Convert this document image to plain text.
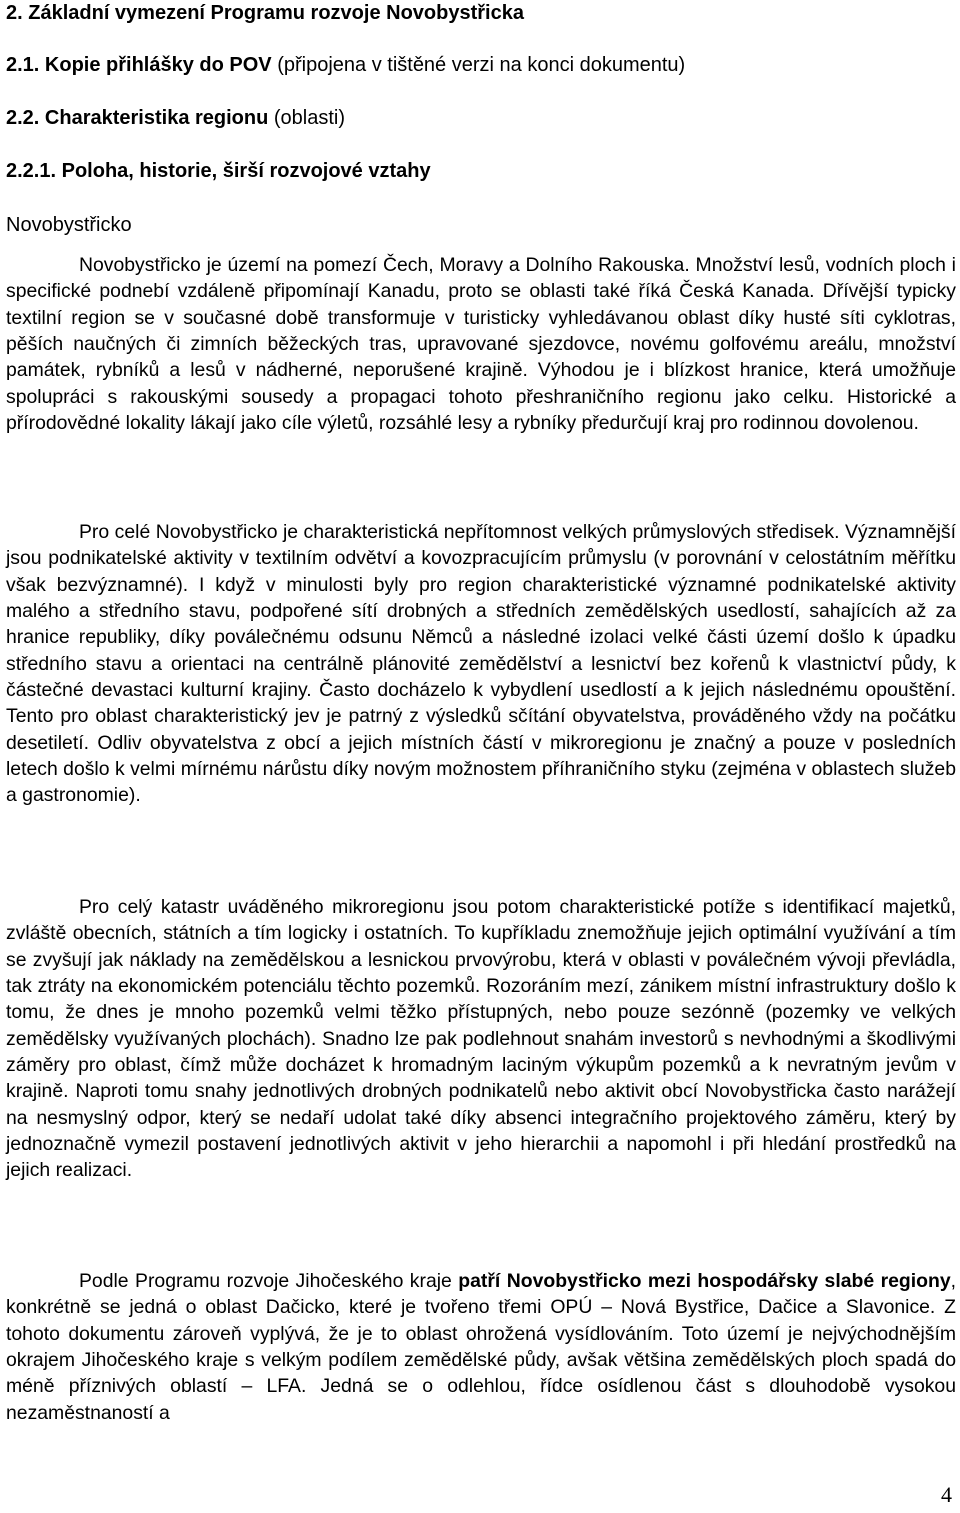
2. Základní vymezení Programu rozvoje Novobystřicka
2.1. Kopie přihlášky do POV (připojena v tištěné verzi na konci dokumentu)
2.2. Charakteristika regionu (oblasti)
2.2.1. Poloha, historie, širší rozvojové vztahy
Novobystřicko
Novobystřicko je území na pomezí Čech, Moravy a Dolního Rakouska. Množství lesů, vodních ploch i specifické podnebí vzdáleně připomínají Kanadu, proto se oblasti také říká Česká Kanada. Dřívější typicky textilní region se v současné době transformuje v turisticky vyhledávanou oblast díky husté síti cyklotras, pěších naučných či zimních běžeckých tras, upravované sjezdovce, novému golfovému areálu, množství památek, rybníků a lesů v nádherné, neporušené krajině. Výhodou je i blízkost hranice, která umožňuje spolupráci s rakouskými sousedy a propagaci tohoto přeshraničního regionu jako celku. Historické a přírodovědné lokality lákají jako cíle výletů, rozsáhlé lesy a rybníky předurčují kraj pro rodinnou dovolenou.
Pro celé Novobystřicko je charakteristická nepřítomnost velkých průmyslových středisek. Významnější jsou podnikatelské aktivity v textilním odvětví a kovozpracujícím průmyslu (v porovnání v celostátním měřítku však bezvýznamné). I když v minulosti byly pro region charakteristické významné podnikatelské aktivity malého a středního stavu, podpořené sítí drobných a středních zemědělských usedlostí, sahajících až za hranice republiky, díky poválečnému odsunu Němců a následné izolaci velké části území došlo k úpadku středního stavu a orientaci na centrálně plánovité zemědělství a lesnictví bez kořenů k vlastnictví půdy, k částečné devastaci kulturní krajiny. Často docházelo k vybydlení usedlostí a k jejich následnému opouštění. Tento pro oblast charakteristický jev je patrný z výsledků sčítání obyvatelstva, prováděného vždy na počátku desetiletí. Odliv obyvatelstva z obcí a jejich místních částí v mikroregionu je značný a pouze v posledních letech došlo k velmi mírnému nárůstu díky novým možnostem příhraničního styku (zejména v oblastech služeb a gastronomie).
Pro celý katastr uváděného mikroregionu jsou potom charakteristické potíže s identifikací majetků, zvláště obecních, státních a tím logicky i ostatních. To kupříkladu znemožňuje jejich optimální využívání a tím se zvyšují jak náklady na zemědělskou a lesnickou prvovýrobu, která v oblasti v poválečném vývoji převládla, tak ztráty na ekonomickém potenciálu těchto pozemků. Rozoráním mezí, zánikem místní infrastruktury došlo k tomu, že dnes je mnoho pozemků velmi těžko přístupných, nebo pouze sezónně (pozemky ve velkých zemědělsky využívaných plochách). Snadno lze pak podlehnout snahám investorů s nevhodnými a škodlivými záměry pro oblast, čímž může docházet k hromadným laciným výkupům pozemků a k nevratným jevům v krajině. Naproti tomu snahy jednotlivých drobných podnikatelů nebo aktivit obcí Novobystřicka často narážejí na nesmyslný odpor, který se nedaří udolat také díky absenci integračního projektového záměru, který by jednoznačně vymezil postavení jednotlivých aktivit v jeho hierarchii a napomohl i při hledání prostředků na jejich realizaci.
Podle Programu rozvoje Jihočeského kraje patří Novobystřicko mezi hospodářsky slabé regiony, konkrétně se jedná o oblast Dačicko, které je tvořeno třemi OPÚ – Nová Bystřice, Dačice a Slavonice. Z tohoto dokumentu zároveň vyplývá, že je to oblast ohrožená vysídlováním. Toto území je nejvýchodnějším okrajem Jihočeského kraje s velkým podílem zemědělské půdy, avšak většina zemědělských ploch spadá do méně příznivých oblastí – LFA. Jedná se o odlehlou, řídce osídlenou část s dlouhodobě vysokou nezaměstnaností a
4
